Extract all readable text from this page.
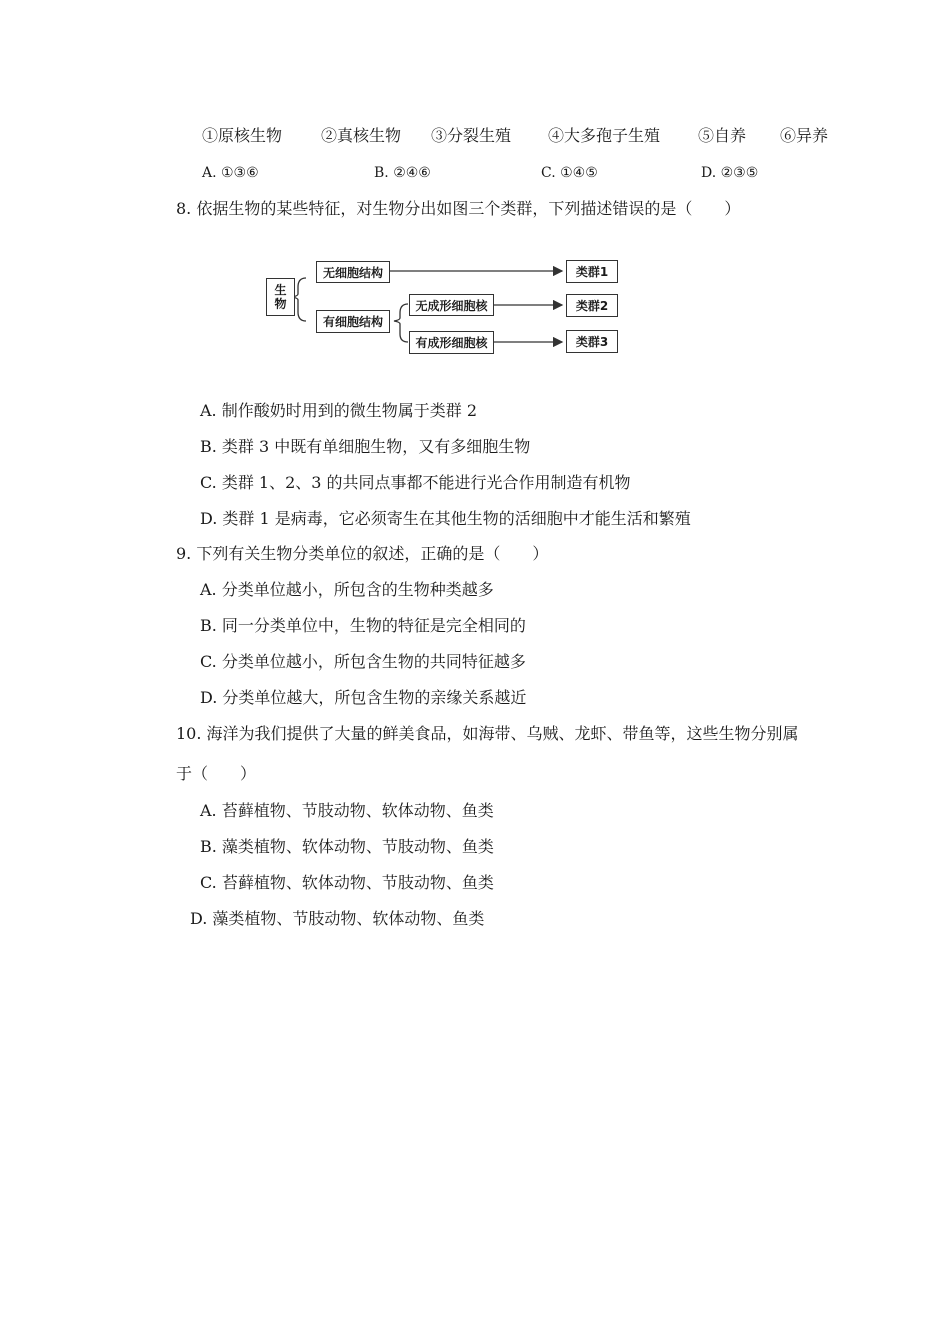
①原核生物 ②真核生物 ③分裂生殖 ④大多孢子生殖 ⑤自养 ⑥异养
A. ①③⑥	B. ②④⑥	C. ①④⑤	D. ②③⑤
8. 依据生物的某些特征，对生物分出如图三个类群，下列描述错误的是（　　）
生
物
无细胞结构
有细胞结构
无成形细胞核
有成形细胞核
类群1
类群2
类群3
A. 制作酸奶时用到的微生物属于类群 2
B. 类群 3 中既有单细胞生物，又有多细胞生物
C. 类群 1、2、3 的共同点事都不能进行光合作用制造有机物
D. 类群 1 是病毒，它必须寄生在其他生物的活细胞中才能生活和繁殖
9. 下列有关生物分类单位的叙述，正确的是（　　）
A. 分类单位越小，所包含的生物种类越多
B. 同一分类单位中，生物的特征是完全相同的
C. 分类单位越小，所包含生物的共同特征越多
D. 分类单位越大，所包含生物的亲缘关系越近
10. 海洋为我们提供了大量的鲜美食品，如海带、乌贼、龙虾、带鱼等，这些生物分别属
于（　　）
A. 苔藓植物、节肢动物、软体动物、鱼类
B. 藻类植物、软体动物、节肢动物、鱼类
C. 苔藓植物、软体动物、节肢动物、鱼类
D. 藻类植物、节肢动物、软体动物、鱼类
